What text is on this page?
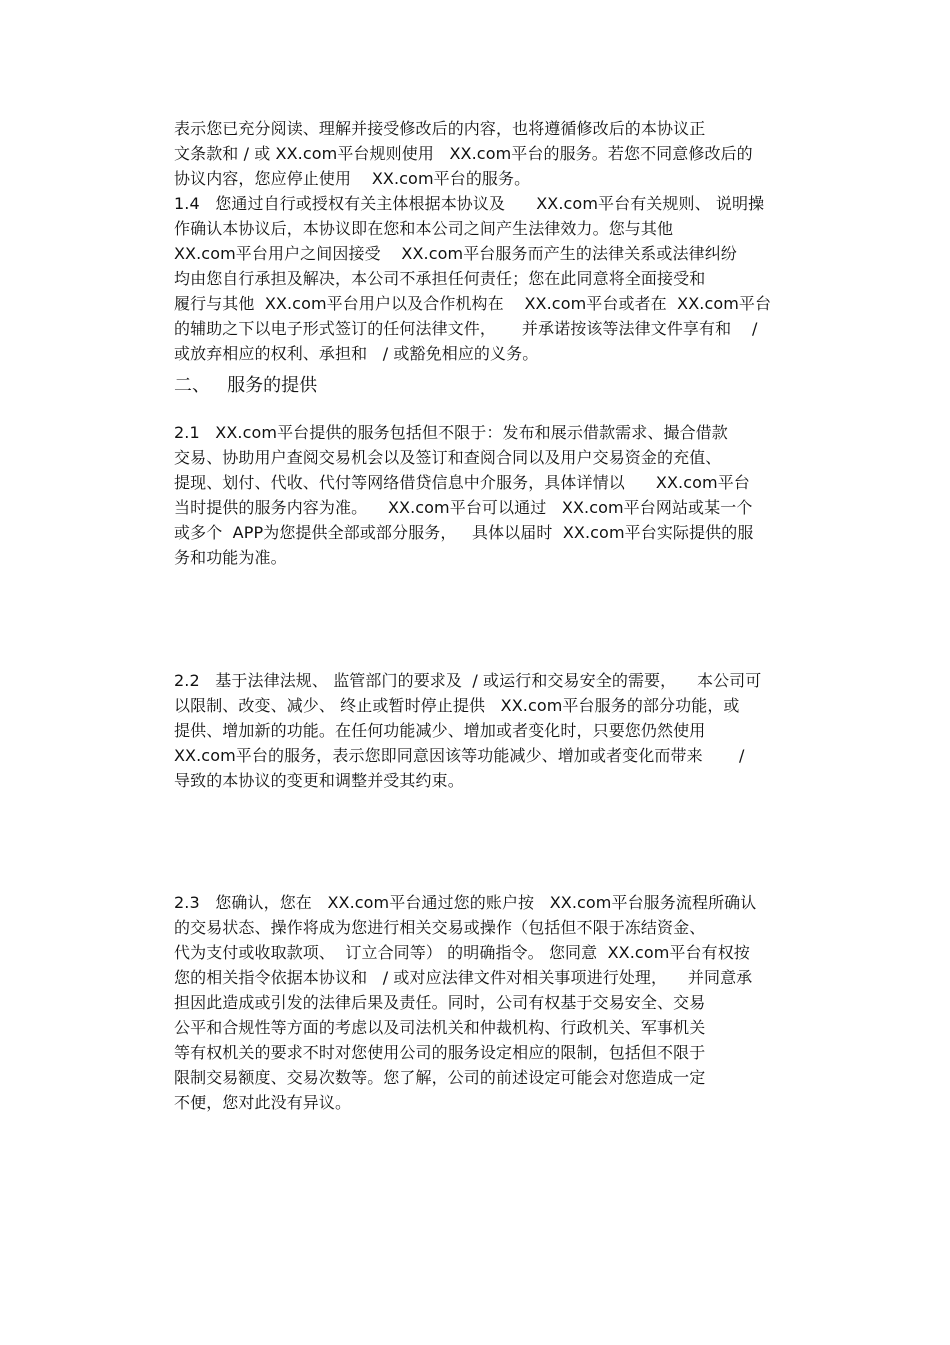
表示您已充分阅读、理解并接受修改后的内容，也将遵循修改后的本协议正
文条款和 / 或 XX.com平台规则使用   XX.com平台的服务。若您不同意修改后的
协议内容，您应停止使用    XX.com平台的服务。
1.4   您通过自行或授权有关主体根据本协议及      XX.com平台有关规则、 说明操
作确认本协议后，本协议即在您和本公司之间产生法律效力。您与其他
XX.com平台用户之间因接受    XX.com平台服务而产生的法律关系或法律纠纷
均由您自行承担及解决，本公司不承担任何责任；您在此同意将全面接受和
履行与其他  XX.com平台用户以及合作机构在    XX.com平台或者在  XX.com平台
的辅助之下以电子形式签订的任何法律文件，     并承诺按该等法律文件享有和    /
或放弃相应的权利、承担和   / 或豁免相应的义务。
二、   服务的提供
2.1   XX.com平台提供的服务包括但不限于：发布和展示借款需求、撮合借款
交易、协助用户查阅交易机会以及签订和查阅合同以及用户交易资金的充值、
提现、划付、代收、代付等网络借贷信息中介服务，具体详情以      XX.com平台
当时提供的服务内容为准。    XX.com平台可以通过   XX.com平台网站或某一个
或多个  APP为您提供全部或部分服务，   具体以届时  XX.com平台实际提供的服
务和功能为准。
2.2   基于法律法规、 监管部门的要求及  / 或运行和交易安全的需要，    本公司可
以限制、改变、减少、 终止或暂时停止提供   XX.com平台服务的部分功能，或
提供、增加新的功能。在任何功能减少、增加或者变化时，只要您仍然使用
XX.com平台的服务，表示您即同意因该等功能减少、增加或者变化而带来       /
导致的本协议的变更和调整并受其约束。
2.3   您确认，您在   XX.com平台通过您的账户按   XX.com平台服务流程所确认
的交易状态、操作将成为您进行相关交易或操作（包括但不限于冻结资金、
代为支付或收取款项、  订立合同等） 的明确指令。 您同意  XX.com平台有权按
您的相关指令依据本协议和   / 或对应法律文件对相关事项进行处理，    并同意承
担因此造成或引发的法律后果及责任。同时，公司有权基于交易安全、交易
公平和合规性等方面的考虑以及司法机关和仲裁机构、行政机关、军事机关
等有权机关的要求不时对您使用公司的服务设定相应的限制，包括但不限于
限制交易额度、交易次数等。您了解，公司的前述设定可能会对您造成一定
不便，您对此没有异议。
